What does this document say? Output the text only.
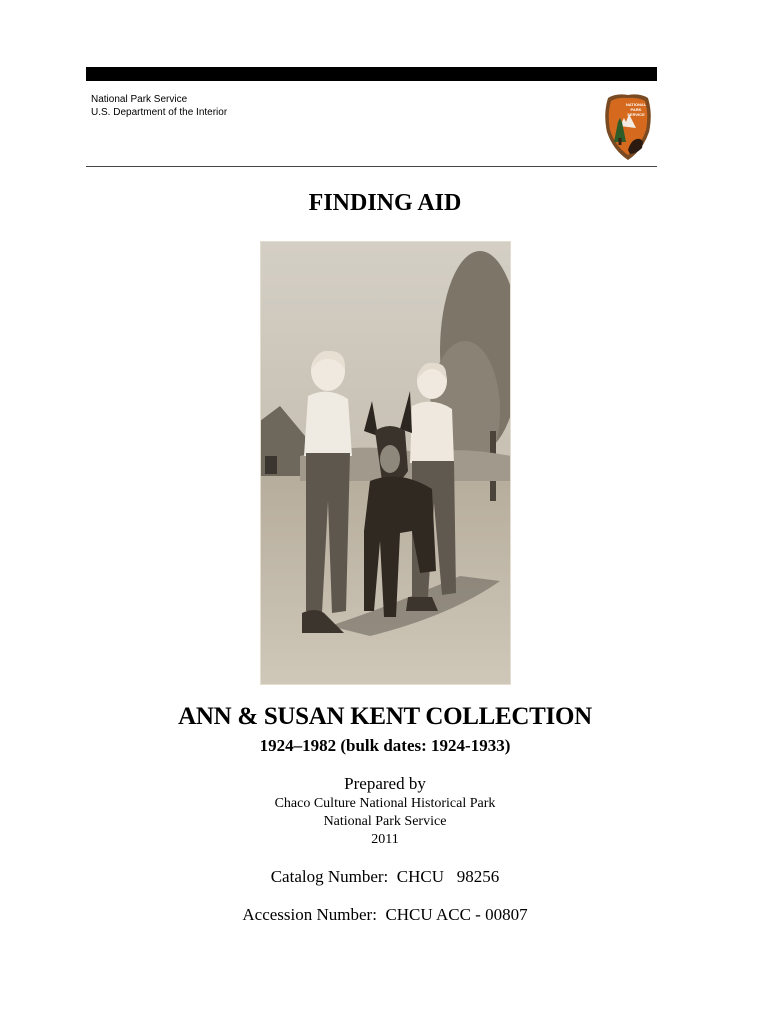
National Park Service
U.S. Department of the Interior
NATIONAL
PARK
SERVICE
FINDING AID
ANN & SUSAN KENT COLLECTION
1924–1982 (bulk dates: 1924-1933)
Prepared by
Chaco Culture National Historical Park
National Park Service
2011
Catalog Number:  CHCU   98256
Accession Number:  CHCU ACC - 00807
